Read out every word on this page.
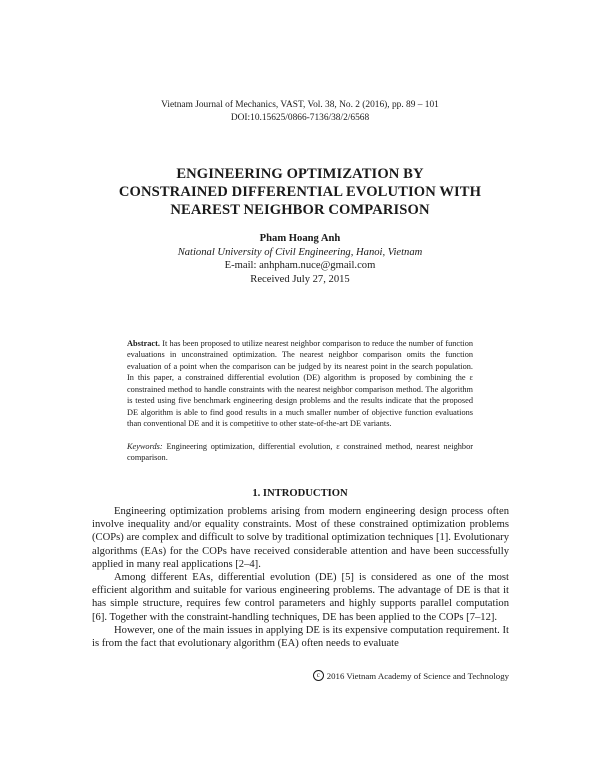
Vietnam Journal of Mechanics, VAST, Vol. 38, No. 2 (2016), pp. 89 – 101
DOI:10.15625/0866-7136/38/2/6568
ENGINEERING OPTIMIZATION BY
CONSTRAINED DIFFERENTIAL EVOLUTION WITH
NEAREST NEIGHBOR COMPARISON
Pham Hoang Anh
National University of Civil Engineering, Hanoi, Vietnam
E-mail: anhpham.nuce@gmail.com
Received July 27, 2015
Abstract. It has been proposed to utilize nearest neighbor comparison to reduce the number of function evaluations in unconstrained optimization. The nearest neighbor comparison omits the function evaluation of a point when the comparison can be judged by its nearest point in the search population. In this paper, a constrained differential evolution (DE) algorithm is proposed by combining the ε constrained method to handle constraints with the nearest neighbor comparison method. The algorithm is tested using five benchmark engineering design problems and the results indicate that the proposed DE algorithm is able to find good results in a much smaller number of objective function evaluations than conventional DE and it is competitive to other state-of-the-art DE variants.
Keywords: Engineering optimization, differential evolution, ε constrained method, nearest neighbor comparison.
1. INTRODUCTION

Engineering optimization problems arising from modern engineering design process often involve inequality and/or equality constraints. Most of these constrained optimization problems (COPs) are complex and difficult to solve by traditional optimization techniques [1]. Evolutionary algorithms (EAs) for the COPs have received considerable attention and have been successfully applied in many real applications [2–4].

Among different EAs, differential evolution (DE) [5] is considered as one of the most efficient algorithm and suitable for various engineering problems. The advantage of DE is that it has simple structure, requires few control parameters and highly supports parallel computation [6]. Together with the constraint-handling techniques, DE has been applied to the COPs [7–12].

However, one of the main issues in applying DE is its expensive computation requirement. It is from the fact that evolutionary algorithm (EA) often needs to evaluate

c 2016 Vietnam Academy of Science and Technology
